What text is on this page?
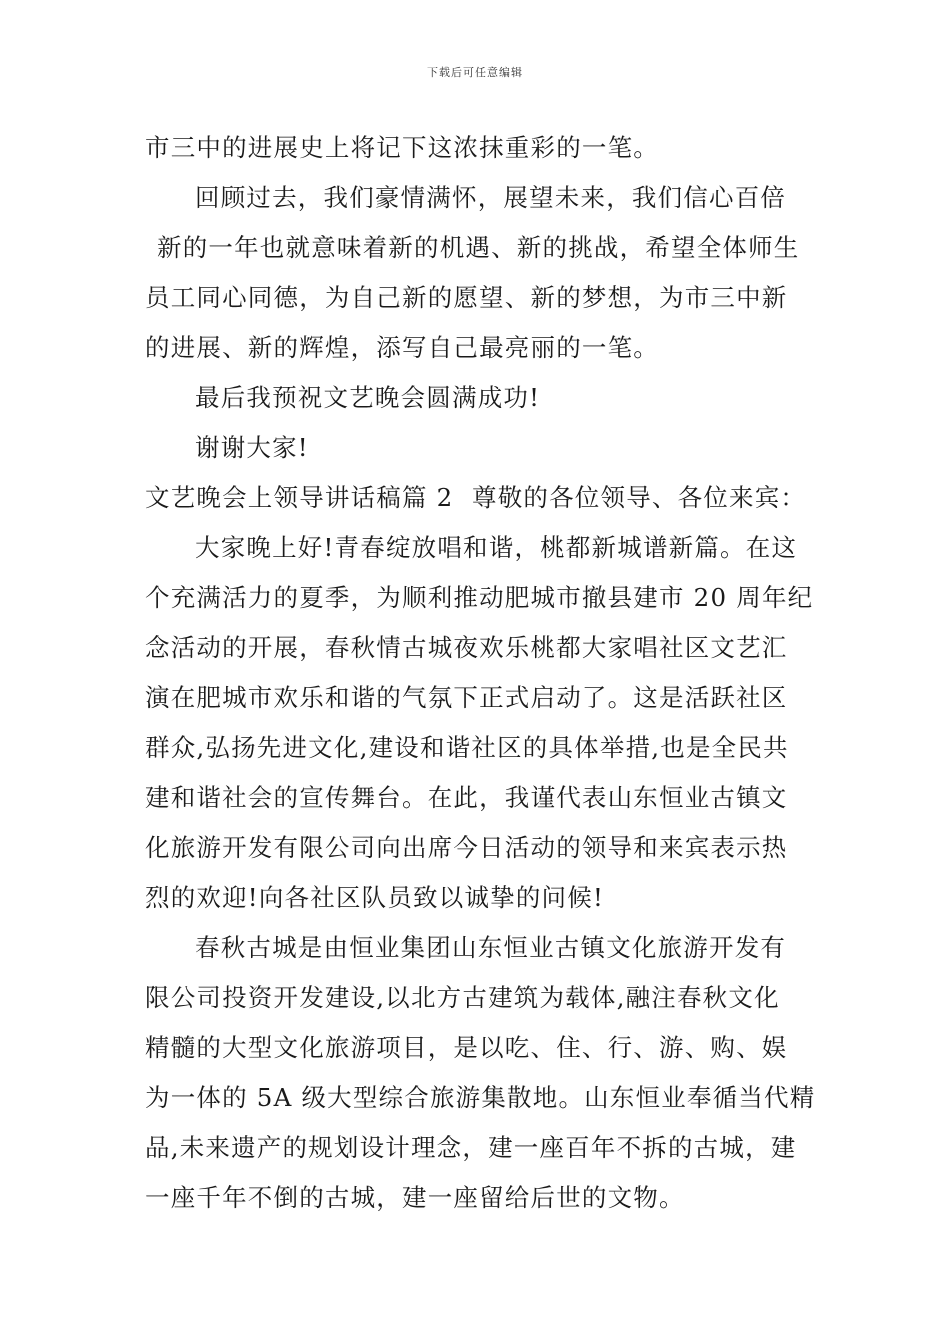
下载后可任意编辑
市三中的进展史上将记下这浓抹重彩的一笔。
回顾过去，我们豪情满怀，展望未来，我们信心百倍
新的一年也就意味着新的机遇、新的挑战，希望全体师生
员工同心同德，为自己新的愿望、新的梦想，为市三中新
的进展、新的辉煌，添写自己最亮丽的一笔。
最后我预祝文艺晚会圆满成功!
谢谢大家!
文艺晚会上领导讲话稿篇 2 尊敬的各位领导、各位来宾：
大家晚上好!青春绽放唱和谐，桃都新城谱新篇。在这
个充满活力的夏季，为顺利推动肥城市撤县建市 20 周年纪
念活动的开展，春秋情古城夜欢乐桃都大家唱社区文艺汇
演在肥城市欢乐和谐的气氛下正式启动了。这是活跃社区
群众,弘扬先进文化,建设和谐社区的具体举措,也是全民共
建和谐社会的宣传舞台。在此，我谨代表山东恒业古镇文
化旅游开发有限公司向出席今日活动的领导和来宾表示热
烈的欢迎!向各社区队员致以诚挚的问候!
春秋古城是由恒业集团山东恒业古镇文化旅游开发有
限公司投资开发建设,以北方古建筑为载体,融注春秋文化
精髓的大型文化旅游项目，是以吃、住、行、游、购、娱
为一体的 5A 级大型综合旅游集散地。山东恒业奉循当代精
品,未来遗产的规划设计理念，建一座百年不拆的古城，建
一座千年不倒的古城，建一座留给后世的文物。
